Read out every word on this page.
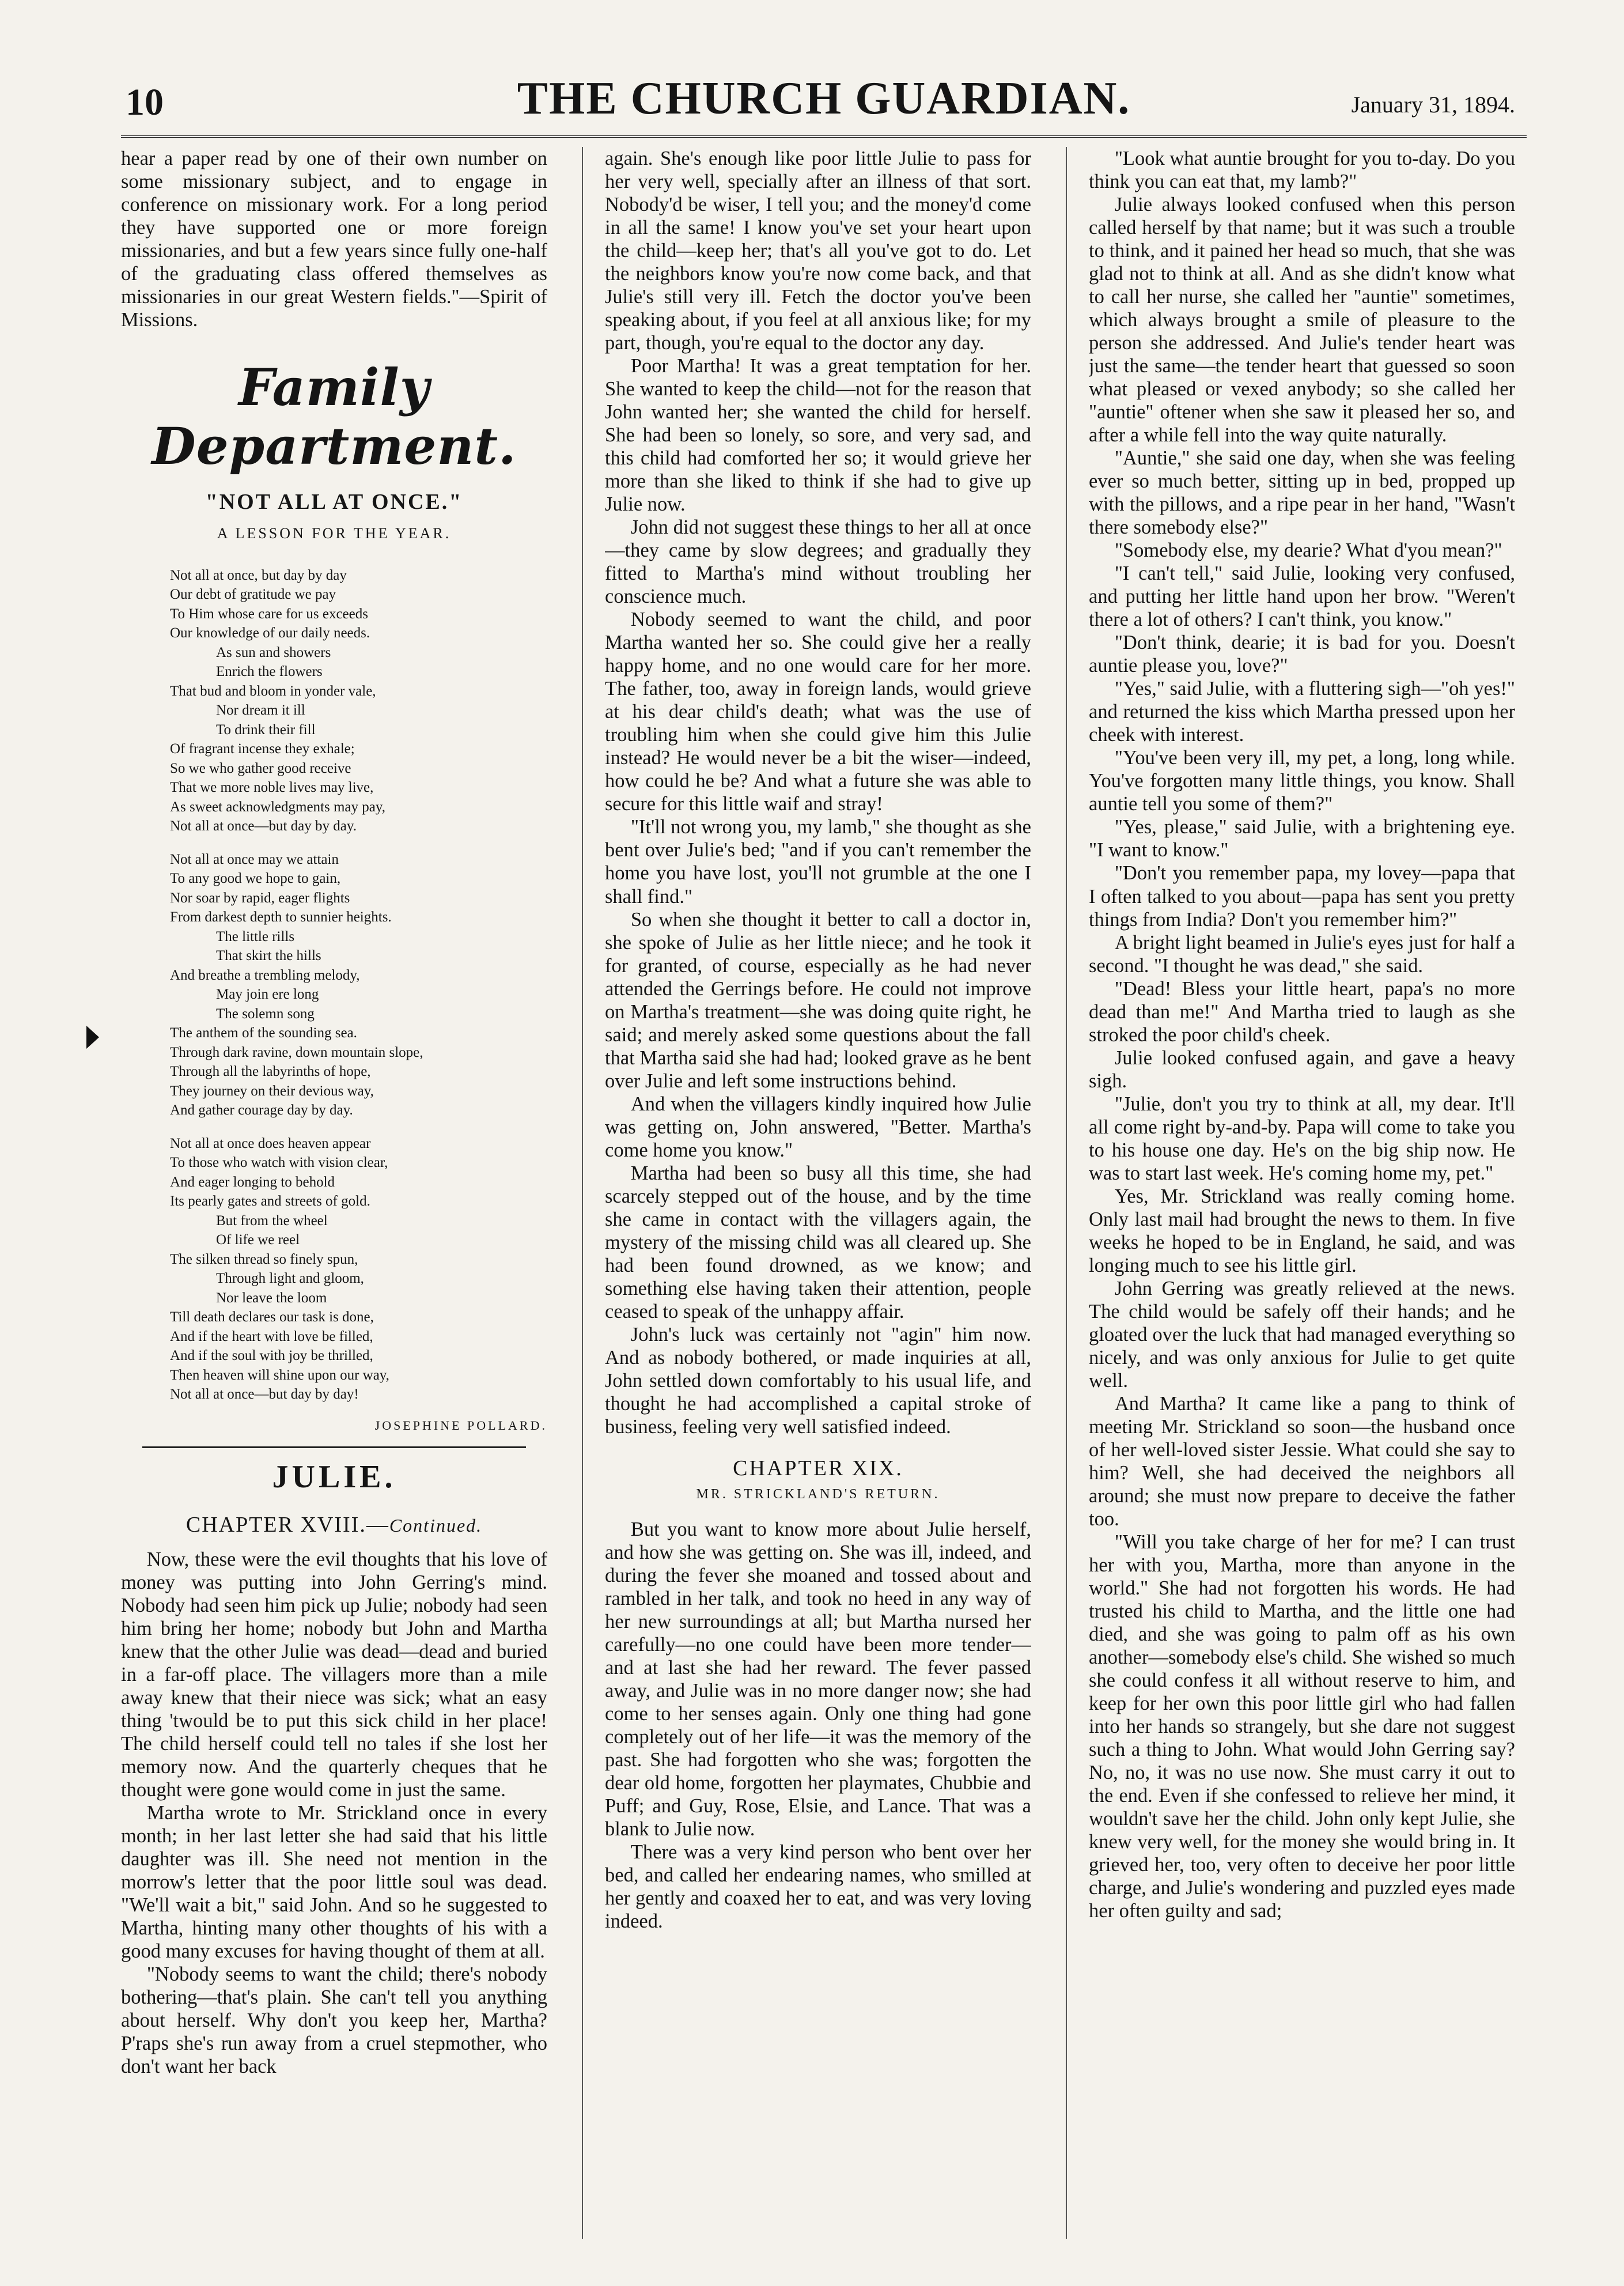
10	THE CHURCH GUARDIAN.	January 31, 1894.

hear a paper read by one of their own number on some missionary subject, and to engage in conference on missionary work. For a long period they have supported one or more foreign missionaries, and but a few years since fully one-half of the graduating class offered themselves as missionaries in our great Western fields."—Spirit of Missions.

Family Department.
"NOT ALL AT ONCE."
A LESSON FOR THE YEAR.
Not all at once, but day by day
Our debt of gratitude we pay
To Him whose care for us exceeds
Our knowledge of our daily needs.
As sun and showers
Enrich the flowers
That bud and bloom in yonder vale,
Nor dream it ill
To drink their fill
Of fragrant incense they exhale;
So we who gather good receive
That we more noble lives may live,
As sweet acknowledgments may pay,
Not all at once—but day by day.
Not all at once may we attain
To any good we hope to gain,
Nor soar by rapid, eager flights
From darkest depth to sunnier heights.
The little rills
That skirt the hills
And breathe a trembling melody,
May join ere long
The solemn song
The anthem of the sounding sea.
Through dark ravine, down mountain slope,
Through all the labyrinths of hope,
They journey on their devious way,
And gather courage day by day.
Not all at once does heaven appear
To those who watch with vision clear,
And eager longing to behold
Its pearly gates and streets of gold.
But from the wheel
Of life we reel
The silken thread so finely spun,
Through light and gloom,
Nor leave the loom
Till death declares our task is done,
And if the heart with love be filled,
And if the soul with joy be thrilled,
Then heaven will shine upon our way,
Not all at once—but day by day!
JOSEPHINE POLLARD.
JULIE.
CHAPTER XVIII.—Continued.

Now, these were the evil thoughts that his love of money was putting into John Gerring's mind. Nobody had seen him pick up Julie; nobody had seen him bring her home; nobody but John and Martha knew that the other Julie was dead—dead and buried in a far-off place. The villagers more than a mile away knew that their niece was sick; what an easy thing 'twould be to put this sick child in her place! The child herself could tell no tales if she lost her memory now. And the quarterly cheques that he thought were gone would come in just the same.

Martha wrote to Mr. Strickland once in every month; in her last letter she had said that his little daughter was ill. She need not mention in the morrow's letter that the poor little soul was dead. "We'll wait a bit," said John. And so he suggested to Martha, hinting many other thoughts of his with a good many excuses for having thought of them at all.

"Nobody seems to want the child; there's nobody bothering—that's plain. She can't tell you anything about herself. Why don't you keep her, Martha? P'raps she's run away from a cruel stepmother, who don't want her back

again. She's enough like poor little Julie to pass for her very well, specially after an illness of that sort. Nobody'd be wiser, I tell you; and the money'd come in all the same! I know you've set your heart upon the child—keep her; that's all you've got to do. Let the neighbors know you're now come back, and that Julie's still very ill. Fetch the doctor you've been speaking about, if you feel at all anxious like; for my part, though, you're equal to the doctor any day.

Poor Martha! It was a great temptation for her. She wanted to keep the child—not for the reason that John wanted her; she wanted the child for herself. She had been so lonely, so sore, and very sad, and this child had comforted her so; it would grieve her more than she liked to think if she had to give up Julie now.

John did not suggest these things to her all at once—they came by slow degrees; and gradually they fitted to Martha's mind without troubling her conscience much.

Nobody seemed to want the child, and poor Martha wanted her so. She could give her a really happy home, and no one would care for her more. The father, too, away in foreign lands, would grieve at his dear child's death; what was the use of troubling him when she could give him this Julie instead? He would never be a bit the wiser—indeed, how could he be? And what a future she was able to secure for this little waif and stray!

"It'll not wrong you, my lamb," she thought as she bent over Julie's bed; "and if you can't remember the home you have lost, you'll not grumble at the one I shall find."

So when she thought it better to call a doctor in, she spoke of Julie as her little niece; and he took it for granted, of course, especially as he had never attended the Gerrings before. He could not improve on Martha's treatment—she was doing quite right, he said; and merely asked some questions about the fall that Martha said she had had; looked grave as he bent over Julie and left some instructions behind.

And when the villagers kindly inquired how Julie was getting on, John answered, "Better. Martha's come home you know."

Martha had been so busy all this time, she had scarcely stepped out of the house, and by the time she came in contact with the villagers again, the mystery of the missing child was all cleared up. She had been found drowned, as we know; and something else having taken their attention, people ceased to speak of the unhappy affair.

John's luck was certainly not "agin" him now. And as nobody bothered, or made inquiries at all, John settled down comfortably to his usual life, and thought he had accomplished a capital stroke of business, feeling very well satisfied indeed.

CHAPTER XIX.
MR. STRICKLAND'S RETURN.

But you want to know more about Julie herself, and how she was getting on. She was ill, indeed, and during the fever she moaned and tossed about and rambled in her talk, and took no heed in any way of her new surroundings at all; but Martha nursed her carefully—no one could have been more tender—and at last she had her reward. The fever passed away, and Julie was in no more danger now; she had come to her senses again. Only one thing had gone completely out of her life—it was the memory of the past. She had forgotten who she was; forgotten the dear old home, forgotten her playmates, Chubbie and Puff; and Guy, Rose, Elsie, and Lance. That was a blank to Julie now.

There was a very kind person who bent over her bed, and called her endearing names, who smilled at her gently and coaxed her to eat, and was very loving indeed.

"Look what auntie brought for you to-day. Do you think you can eat that, my lamb?"

Julie always looked confused when this person called herself by that name; but it was such a trouble to think, and it pained her head so much, that she was glad not to think at all. And as she didn't know what to call her nurse, she called her "auntie" sometimes, which always brought a smile of pleasure to the person she addressed. And Julie's tender heart was just the same—the tender heart that guessed so soon what pleased or vexed anybody; so she called her "auntie" oftener when she saw it pleased her so, and after a while fell into the way quite naturally.

"Auntie," she said one day, when she was feeling ever so much better, sitting up in bed, propped up with the pillows, and a ripe pear in her hand, "Wasn't there somebody else?"

"Somebody else, my dearie? What d'you mean?"

"I can't tell," said Julie, looking very confused, and putting her little hand upon her brow. "Weren't there a lot of others? I can't think, you know."

"Don't think, dearie; it is bad for you. Doesn't auntie please you, love?"

"Yes," said Julie, with a fluttering sigh—"oh yes!" and returned the kiss which Martha pressed upon her cheek with interest.

"You've been very ill, my pet, a long, long while. You've forgotten many little things, you know. Shall auntie tell you some of them?"

"Yes, please," said Julie, with a brightening eye. "I want to know."

"Don't you remember papa, my lovey—papa that I often talked to you about—papa has sent you pretty things from India? Don't you remember him?"

A bright light beamed in Julie's eyes just for half a second. "I thought he was dead," she said.

"Dead! Bless your little heart, papa's no more dead than me!" And Martha tried to laugh as she stroked the poor child's cheek.

Julie looked confused again, and gave a heavy sigh.

"Julie, don't you try to think at all, my dear. It'll all come right by-and-by. Papa will come to take you to his house one day. He's on the big ship now. He was to start last week. He's coming home my, pet."

Yes, Mr. Strickland was really coming home. Only last mail had brought the news to them. In five weeks he hoped to be in England, he said, and was longing much to see his little girl.

John Gerring was greatly relieved at the news. The child would be safely off their hands; and he gloated over the luck that had managed everything so nicely, and was only anxious for Julie to get quite well.

And Martha? It came like a pang to think of meeting Mr. Strickland so soon—the husband once of her well-loved sister Jessie. What could she say to him? Well, she had deceived the neighbors all around; she must now prepare to deceive the father too.

"Will you take charge of her for me? I can trust her with you, Martha, more than anyone in the world." She had not forgotten his words. He had trusted his child to Martha, and the little one had died, and she was going to palm off as his own another—somebody else's child. She wished so much she could confess it all without reserve to him, and keep for her own this poor little girl who had fallen into her hands so strangely, but she dare not suggest such a thing to John. What would John Gerring say? No, no, it was no use now. She must carry it out to the end. Even if she confessed to relieve her mind, it wouldn't save her the child. John only kept Julie, she knew very well, for the money she would bring in. It grieved her, too, very often to deceive her poor little charge, and Julie's wondering and puzzled eyes made her often guilty and sad;
